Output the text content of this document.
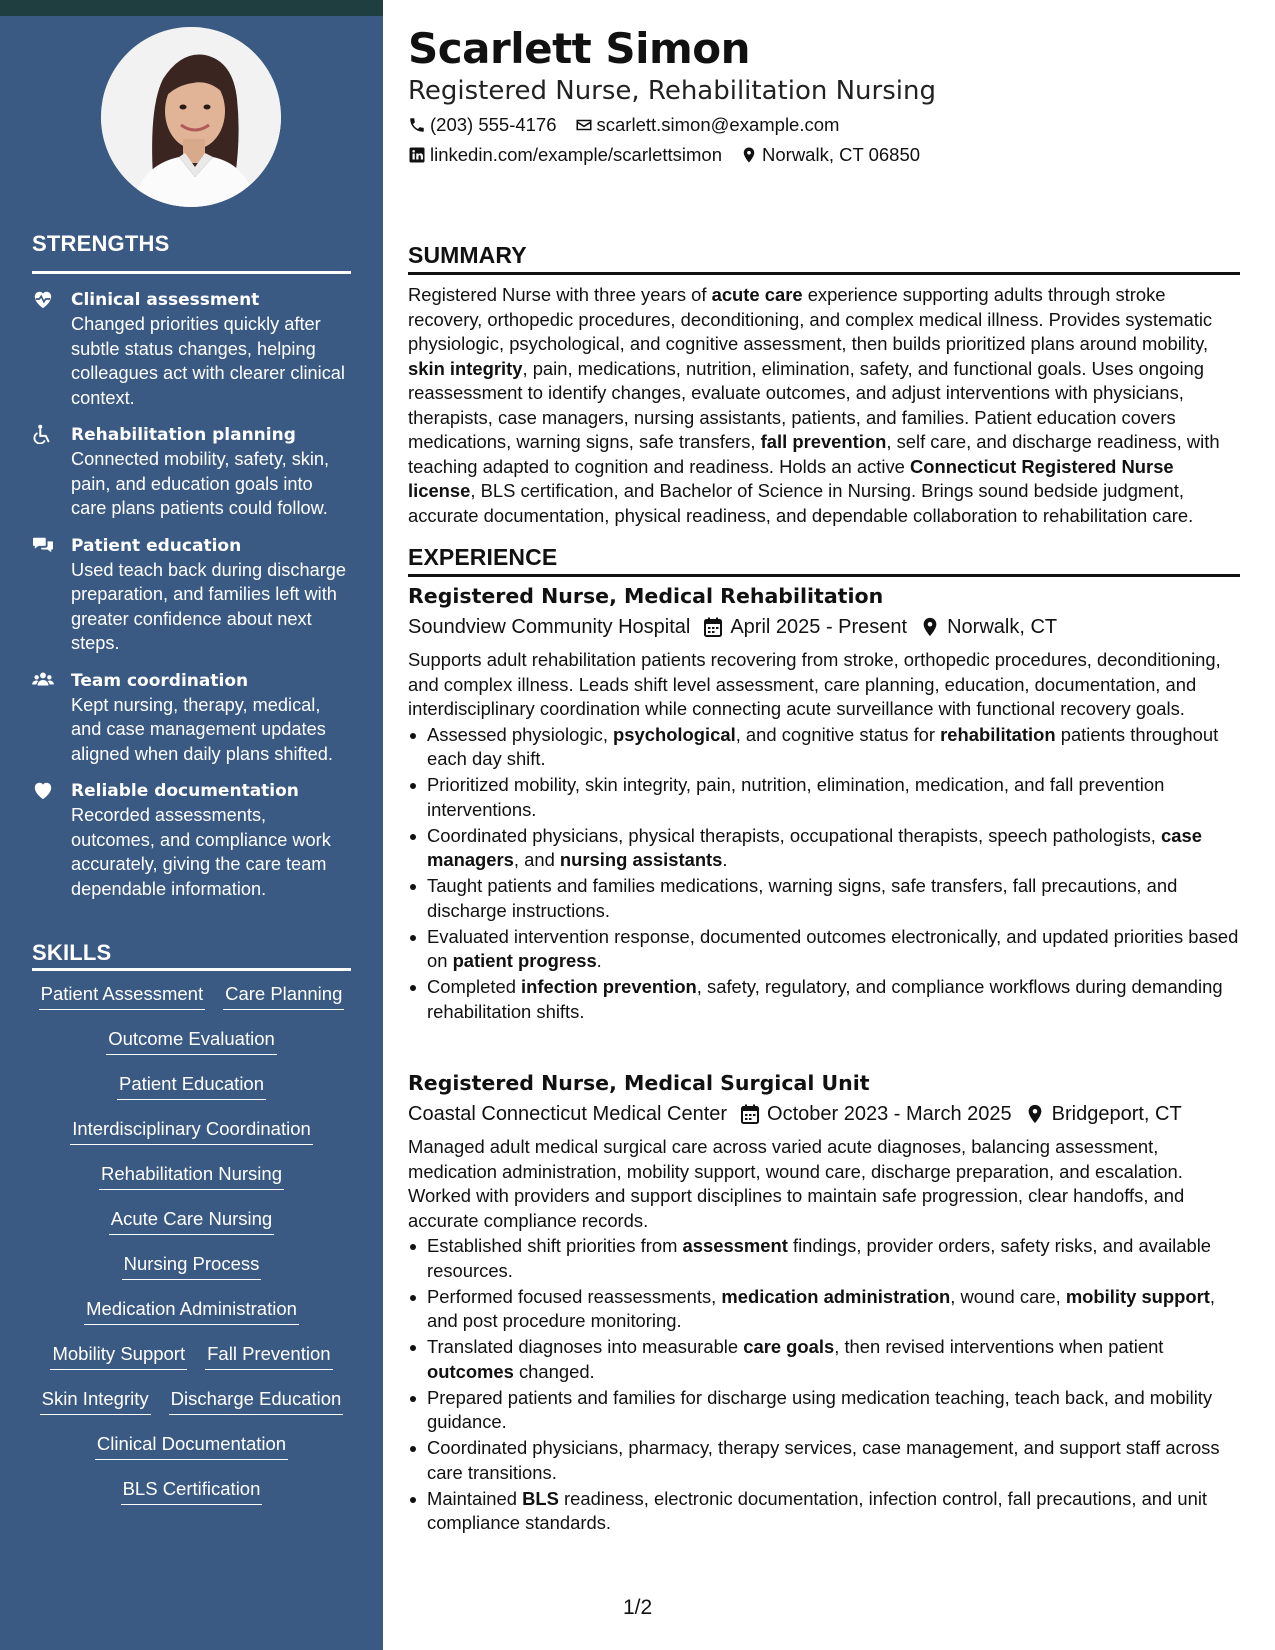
STRENGTHS
Clinical assessment
Changed priorities quickly after subtle status changes, helping colleagues act with clearer clinical context.
Rehabilitation planning
Connected mobility, safety, skin, pain, and education goals into care plans patients could follow.
Patient education
Used teach back during discharge preparation, and families left with greater confidence about next steps.
Team coordination
Kept nursing, therapy, medical, and case management updates aligned when daily plans shifted.
Reliable documentation
Recorded assessments, outcomes, and compliance work accurately, giving the care team dependable information.
SKILLS
Patient Assessment Care Planning
Outcome Evaluation
Patient Education
Interdisciplinary Coordination
Rehabilitation Nursing
Acute Care Nursing
Nursing Process
Medication Administration
Mobility Support Fall Prevention
Skin Integrity Discharge Education
Clinical Documentation
BLS Certification
Scarlett Simon
Registered Nurse, Rehabilitation Nursing
(203) 555-4176 scarlett.simon@example.com
linkedin.com/example/scarlettsimon Norwalk, CT 06850
SUMMARY
Registered Nurse with three years of acute care experience supporting adults through stroke recovery, orthopedic procedures, deconditioning, and complex medical illness. Provides systematic physiologic, psychological, and cognitive assessment, then builds prioritized plans around mobility, skin integrity, pain, medications, nutrition, elimination, safety, and functional goals. Uses ongoing reassessment to identify changes, evaluate outcomes, and adjust interventions with physicians, therapists, case managers, nursing assistants, patients, and families. Patient education covers medications, warning signs, safe transfers, fall prevention, self care, and discharge readiness, with teaching adapted to cognition and readiness. Holds an active Connecticut Registered Nurse license, BLS certification, and Bachelor of Science in Nursing. Brings sound bedside judgment, accurate documentation, physical readiness, and dependable collaboration to rehabilitation care.
EXPERIENCE
Registered Nurse, Medical Rehabilitation
Soundview Community Hospital April 2025 - Present Norwalk, CT
Supports adult rehabilitation patients recovering from stroke, orthopedic procedures, deconditioning, and complex illness. Leads shift level assessment, care planning, education, documentation, and interdisciplinary coordination while connecting acute surveillance with functional recovery goals.
Assessed physiologic, psychological, and cognitive status for rehabilitation patients throughout each day shift.
Prioritized mobility, skin integrity, pain, nutrition, elimination, medication, and fall prevention interventions.
Coordinated physicians, physical therapists, occupational therapists, speech pathologists, case managers, and nursing assistants.
Taught patients and families medications, warning signs, safe transfers, fall precautions, and discharge instructions.
Evaluated intervention response, documented outcomes electronically, and updated priorities based on patient progress.
Completed infection prevention, safety, regulatory, and compliance workflows during demanding rehabilitation shifts.
Registered Nurse, Medical Surgical Unit
Coastal Connecticut Medical Center October 2023 - March 2025 Bridgeport, CT
Managed adult medical surgical care across varied acute diagnoses, balancing assessment, medication administration, mobility support, wound care, discharge preparation, and escalation. Worked with providers and support disciplines to maintain safe progression, clear handoffs, and accurate compliance records.
Established shift priorities from assessment findings, provider orders, safety risks, and available resources.
Performed focused reassessments, medication administration, wound care, mobility support, and post procedure monitoring.
Translated diagnoses into measurable care goals, then revised interventions when patient outcomes changed.
Prepared patients and families for discharge using medication teaching, teach back, and mobility guidance.
Coordinated physicians, pharmacy, therapy services, case management, and support staff across care transitions.
Maintained BLS readiness, electronic documentation, infection control, fall precautions, and unit compliance standards.
1/2
